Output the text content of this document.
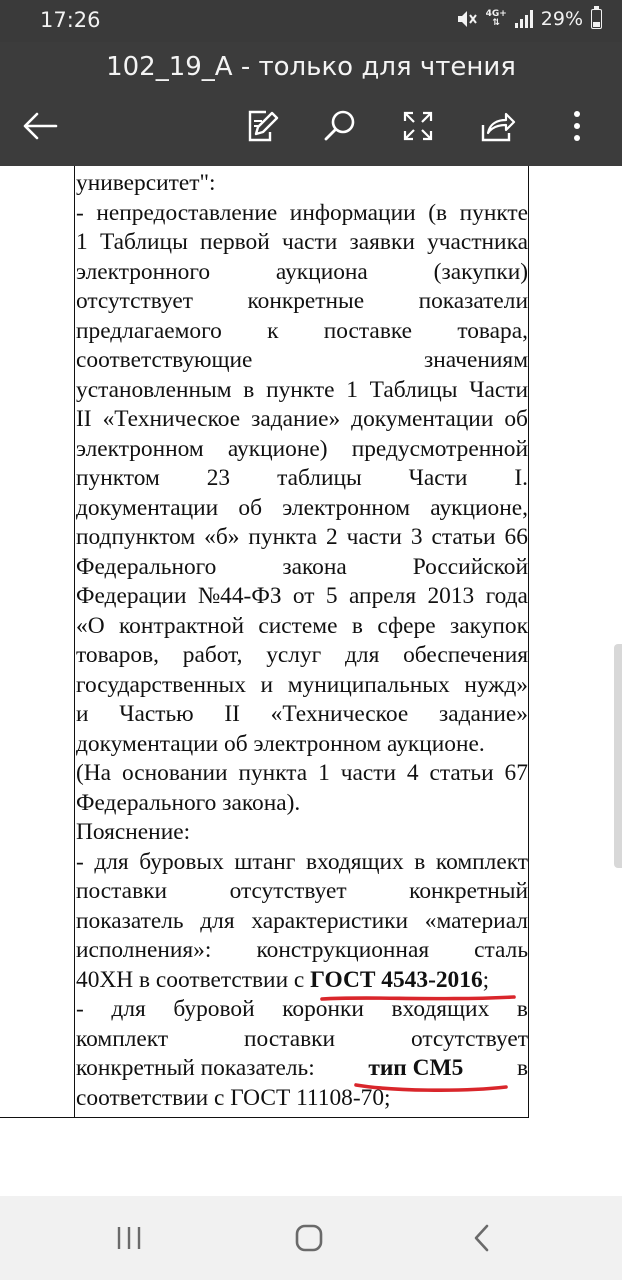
17:26	4G+
⇅	29%
102_19_A - только для чтения
университет":
- непредоставление информации (в пункте
1 Таблицы первой части заявки участника
электронного	аукциона	(закупки)
отсутствует конкретные показатели
предлагаемого к поставке товара,
соответствующие	значениям
установленным в пункте 1 Таблицы Части
II «Техническое задание» документации об
электронном аукционе) предусмотренной
пунктом 23 таблицы Части I.
документации об электронном аукционе,
подпунктом «б» пункта 2 части 3 статьи 66
Федерального	закона	Российской
Федерации №44-ФЗ от 5 апреля 2013 года
«О контрактной системе в сфере закупок
товаров, работ, услуг для обеспечения
государственных и муниципальных нужд»
и Частью II «Техническое задание»
документации об электронном аукционе.
(На основании пункта 1 части 4 статьи 67
Федерального закона).
Пояснение:
- для буровых штанг входящих в комплект
поставки	отсутствует	конкретный
показатель для характеристики «материал
исполнения»: конструкционная сталь
40ХН в соответствии с ГОСТ 4543-2016;
- для буровой коронки входящих в
комплект	поставки	отсутствует
конкретный показатель: тип СМ5 в
соответствии с ГОСТ 11108-70;
